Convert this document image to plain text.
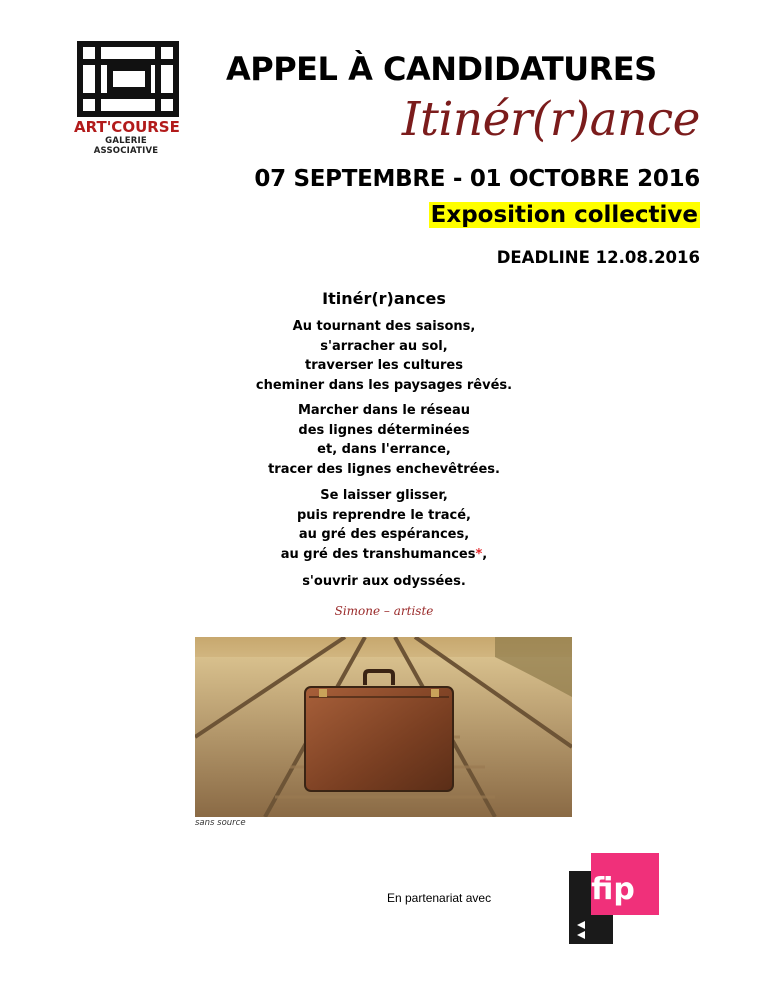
ART'COURSE
GALERIE ASSOCIATIVE
APPEL À CANDIDATURES
Itinér(r)ance
07 SEPTEMBRE - 01 OCTOBRE 2016
Exposition collective
DEADLINE 12.08.2016
Itinér(r)ances
Au tournant des saisons,
s'arracher au sol,
traverser les cultures
cheminer dans les paysages rêvés.
Marcher dans le réseau
des lignes déterminées
et, dans l'errance,
tracer des lignes enchevêtrées.
Se laisser glisser,
puis reprendre le tracé,
au gré des espérances,
au gré des transhumances*,
s'ouvrir aux odyssées.
Simone – artiste
sans source
En partenariat avec	fip
